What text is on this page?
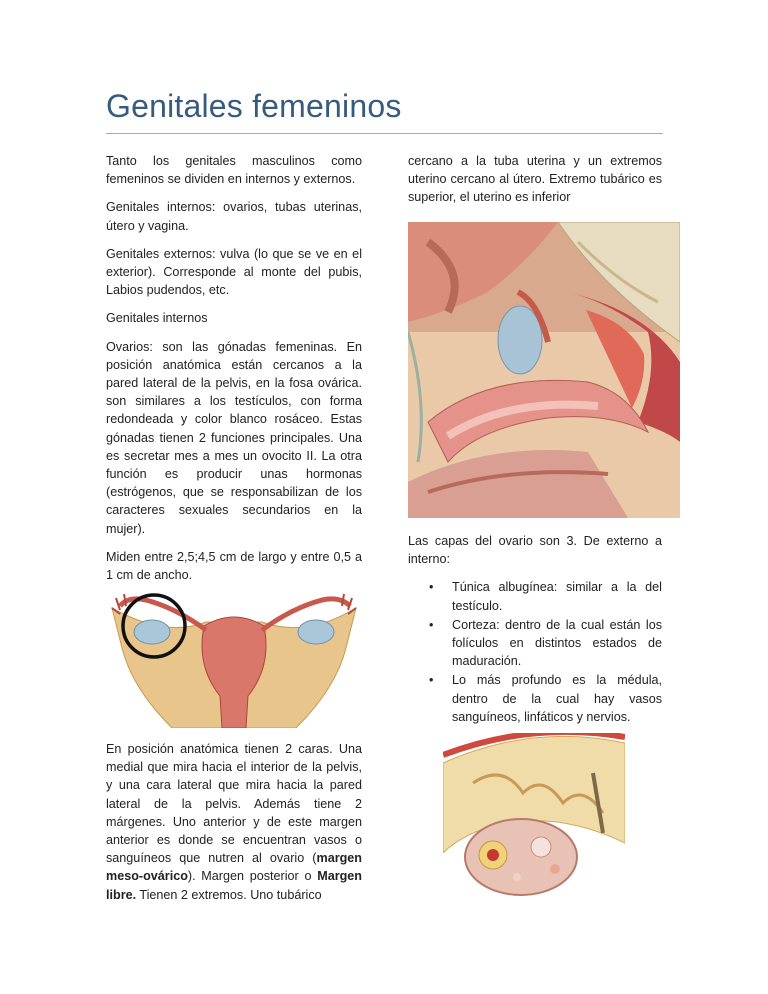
Genitales femeninos

Tanto los genitales masculinos como femeninos se dividen en internos y externos.

Genitales internos: ovarios, tubas uterinas, útero y vagina.

Genitales externos: vulva (lo que se ve en el exterior). Corresponde al monte del pubis, Labios pudendos, etc.

Genitales internos

Ovarios: son las gónadas femeninas. En posición anatómica están cercanos a la pared lateral de la pelvis, en la fosa ovárica. son similares a los testículos, con forma redondeada y color blanco rosáceo. Estas gónadas tienen 2 funciones principales. Una es secretar mes a mes un ovocito II. La otra función es producir unas hormonas (estrógenos, que se responsabilizan de los caracteres sexuales secundarios en la mujer).

Miden entre 2,5;4,5 cm de largo y entre 0,5 a 1 cm de ancho.

En posición anatómica tienen 2 caras. Una medial que mira hacia el interior de la pelvis, y una cara lateral que mira hacia la pared lateral de la pelvis. Además tiene 2 márgenes. Uno anterior y de este margen anterior es donde se encuentran vasos o sanguíneos que nutren al ovario (margen meso-ovárico). Margen posterior o Margen libre. Tienen 2 extremos. Uno tubárico

cercano a la tuba uterina y un extremos uterino cercano al útero. Extremo tubárico es superior, el uterino es inferior

Las capas del ovario son 3. De externo a interno:

• Túnica albugínea: similar a la del testículo.
• Corteza: dentro de la cual están los folículos en distintos estados de maduración.
• Lo más profundo es la médula, dentro de la cual hay vasos sanguíneos, linfáticos y nervios.
